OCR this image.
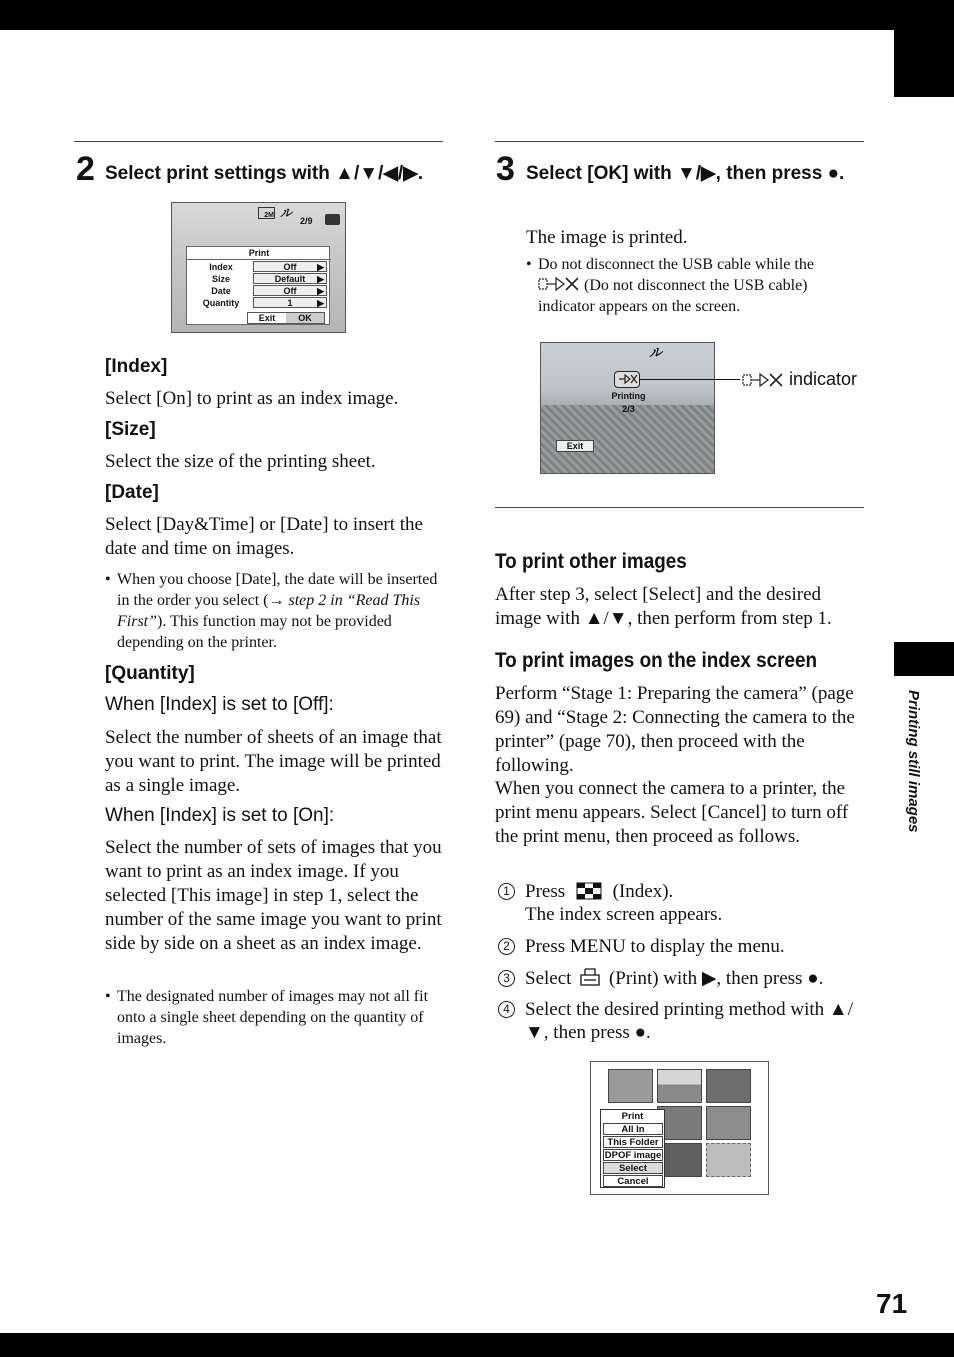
Printing still images
71
2 Select print settings with ▲/▼/◀/▶.
2M ル
2/9
Print
Index	Off ▶
Size	Default ▶
Date	Off ▶
Quantity	1	▶
Exit	OK
[Index]
Select [On] to print as an index image.
[Size]
Select the size of the printing sheet.
[Date]
Select [Day&Time] or [Date] to insert the date and time on images.
• When you choose [Date], the date will be inserted in the order you select (→ step 2 in “Read This First”). This function may not be provided depending on the printer.
[Quantity]
When [Index] is set to [Off]:
Select the number of sheets of an image that you want to print. The image will be printed as a single image.
When [Index] is set to [On]:
Select the number of sets of images that you want to print as an index image. If you selected [This image] in step 1, select the number of the same image you want to print side by side on a sheet as an index image.
• The designated number of images may not all fit onto a single sheet depending on the quantity of images.
3 Select [OK] with ▼/▶, then press ●.
The image is printed.
• Do not disconnect the USB cable while the
(Do not disconnect the USB cable) indicator appears on the screen.
ル
Printing
2/3
Exit
indicator
To print other images
After step 3, select [Select] and the desired image with ▲/▼, then perform from step 1.
To print images on the index screen
Perform “Stage 1: Preparing the camera” (page 69) and “Stage 2: Connecting the camera to the printer” (page 70), then proceed with the following.
When you connect the camera to a printer, the print menu appears. Select [Cancel] to turn off the print menu, then proceed as follows.
1 Press	(Index).
The index screen appears.
2 Press MENU to display the menu.
3 Select (Print) with ▶, then press ●.
4 Select the desired printing method with ▲/
▼, then press ●.
Print
All In
This Folder
DPOF image
Select
Cancel
